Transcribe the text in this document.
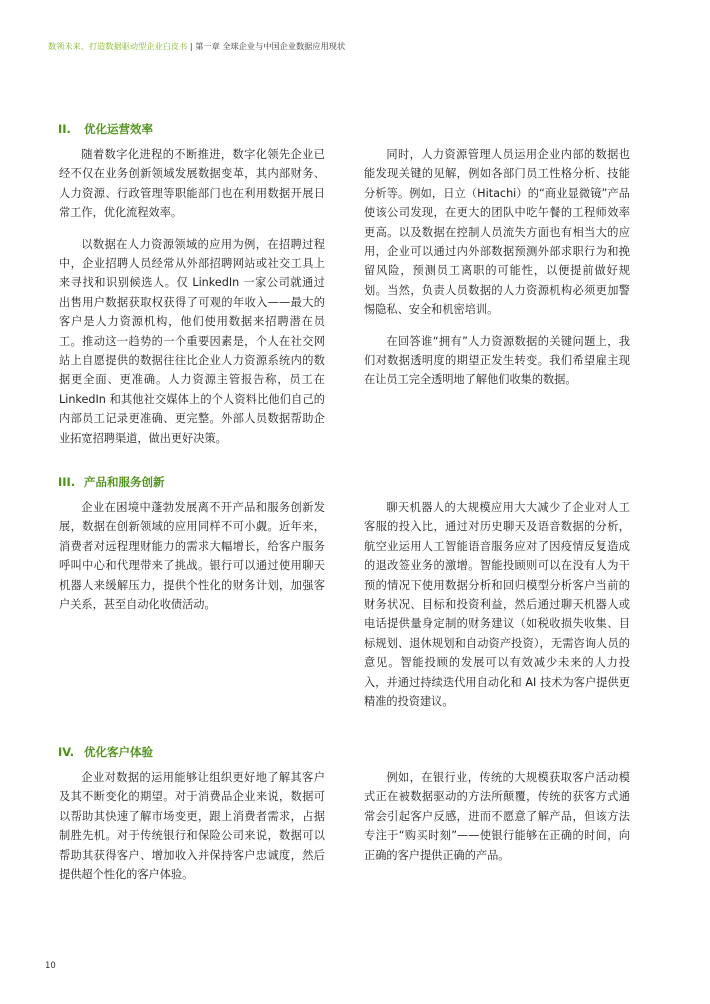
数领未来，打造数据驱动型企业白皮书 | 第一章 全球企业与中国企业数据应用现状
II. 优化运营效率

随着数字化进程的不断推进，数字化领先企业已经不仅在业务创新领域发展数据变革，其内部财务、人力资源、行政管理等职能部门也在利用数据开展日常工作，优化流程效率。

以数据在人力资源领域的应用为例，在招聘过程中，企业招聘人员经常从外部招聘网站或社交工具上来寻找和识别候选人。仅 LinkedIn 一家公司就通过出售用户数据获取权获得了可观的年收入——最大的客户是人力资源机构，他们使用数据来招聘潜在员工。推动这一趋势的一个重要因素是，个人在社交网站上自愿提供的数据往往比企业人力资源系统内的数据更全面、更准确。人力资源主管报告称，员工在 LinkedIn 和其他社交媒体上的个人资料比他们自己的内部员工记录更准确、更完整。外部人员数据帮助企业拓宽招聘渠道，做出更好决策。

同时，人力资源管理人员运用企业内部的数据也能发现关键的见解，例如各部门员工性格分析、技能分析等。例如，日立（Hitachi）的“商业显微镜”产品使该公司发现，在更大的团队中吃午餐的工程师效率更高。以及数据在控制人员流失方面也有相当大的应用，企业可以通过内外部数据预测外部求职行为和挽留风险，预测员工离职的可能性，以便提前做好规划。当然，负责人员数据的人力资源机构必须更加警惕隐私、安全和机密培训。

在回答谁“拥有”人力资源数据的关键问题上，我们对数据透明度的期望正发生转变。我们希望雇主现在让员工完全透明地了解他们收集的数据。

III. 产品和服务创新

企业在困境中蓬勃发展离不开产品和服务创新发展，数据在创新领域的应用同样不可小觑。近年来，消费者对远程理财能力的需求大幅增长，给客户服务呼叫中心和代理带来了挑战。银行可以通过使用聊天机器人来缓解压力，提供个性化的财务计划，加强客户关系，甚至自动化收债活动。

聊天机器人的大规模应用大大减少了企业对人工客服的投入比，通过对历史聊天及语音数据的分析，航空业运用人工智能语音服务应对了因疫情反复造成的退改签业务的激增。智能投顾则可以在没有人为干预的情况下使用数据分析和回归模型分析客户当前的财务状况、目标和投资利益，然后通过聊天机器人或电话提供量身定制的财务建议（如税收损失收集、目标规划、退休规划和自动资产投资），无需咨询人员的意见。智能投顾的发展可以有效减少未来的人力投入，并通过持续迭代用自动化和 AI 技术为客户提供更精准的投资建议。

IV. 优化客户体验

企业对数据的运用能够让组织更好地了解其客户及其不断变化的期望。对于消费品企业来说，数据可以帮助其快速了解市场变更，跟上消费者需求，占据制胜先机。对于传统银行和保险公司来说，数据可以帮助其获得客户、增加收入并保持客户忠诚度，然后提供超个性化的客户体验。

例如，在银行业，传统的大规模获取客户活动模式正在被数据驱动的方法所颠覆，传统的获客方式通常会引起客户反感，进而不愿意了解产品，但该方法专注于“购买时刻”——使银行能够在正确的时间，向正确的客户提供正确的产品。

10
